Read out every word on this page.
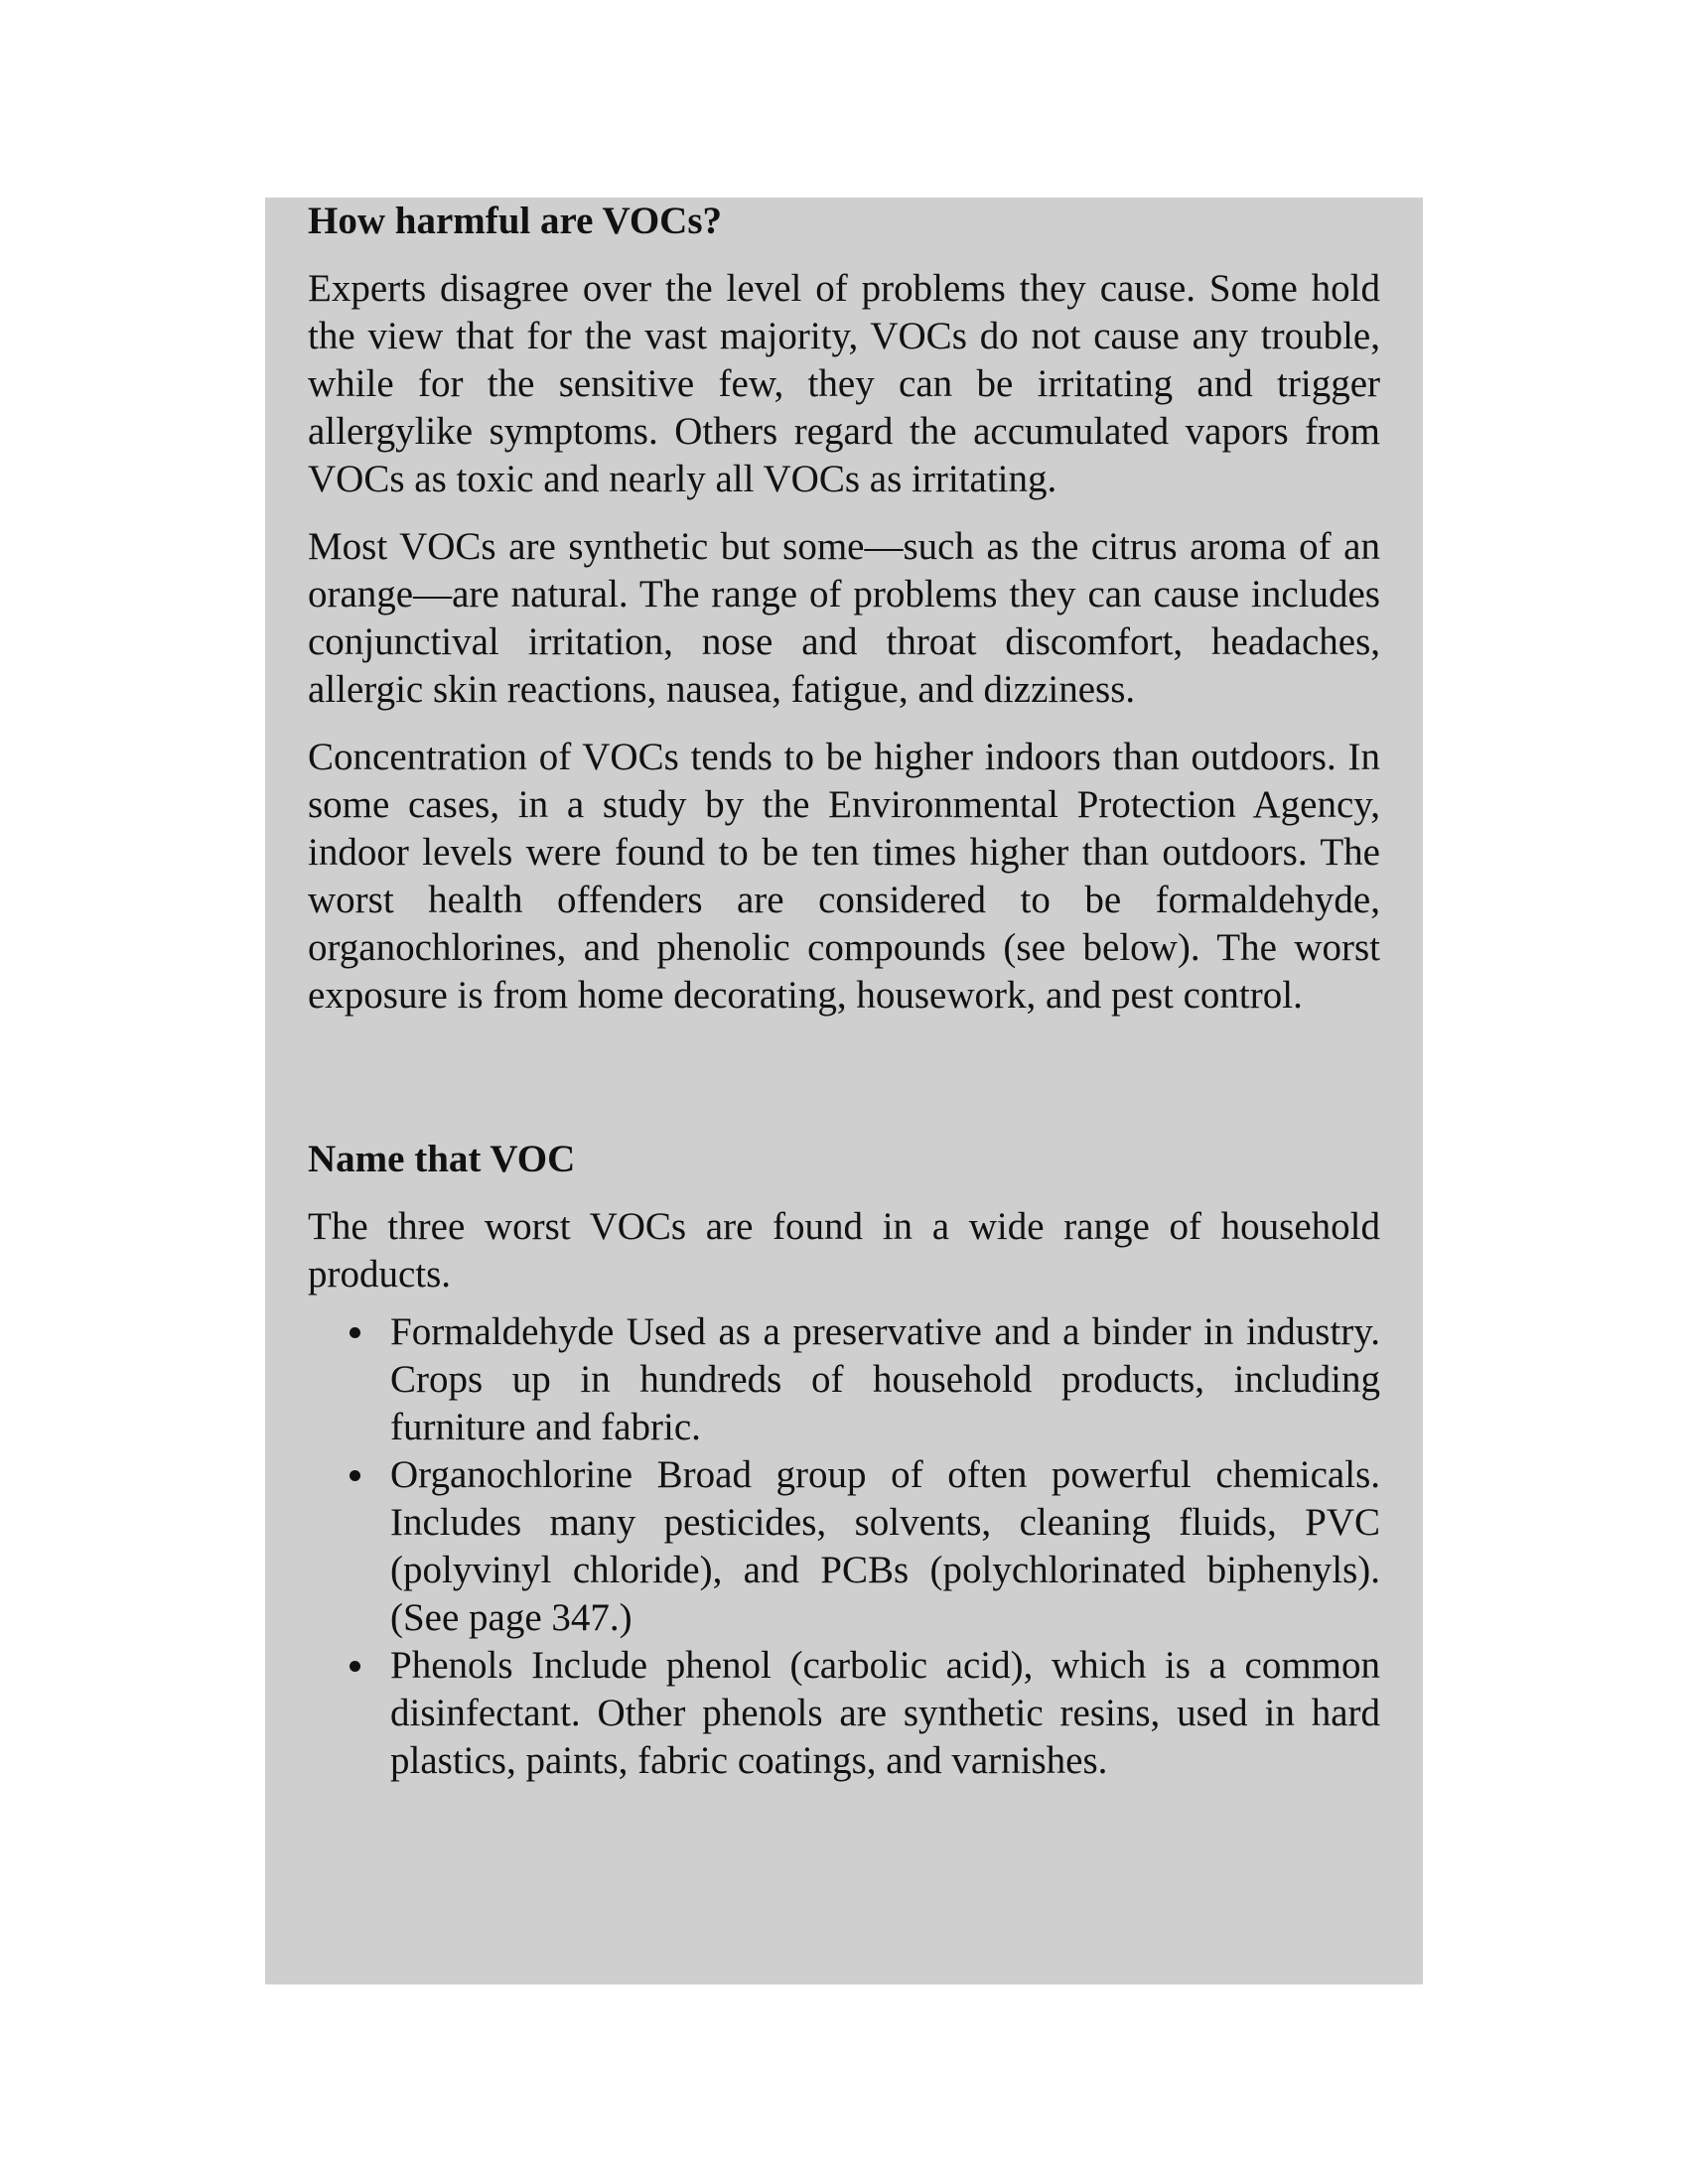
How harmful are VOCs?

Experts disagree over the level of problems they cause. Some hold the view that for the vast majority, VOCs do not cause any trouble, while for the sensitive few, they can be irritating and trigger allergylike symptoms. Others regard the accumulated vapors from VOCs as toxic and nearly all VOCs as irritating.

Most VOCs are synthetic but some—such as the citrus aroma of an orange—are natural. The range of problems they can cause includes conjunctival irritation, nose and throat discomfort, headaches, allergic skin reactions, nausea, fatigue, and dizziness.

Concentration of VOCs tends to be higher indoors than outdoors. In some cases, in a study by the Environmental Protection Agency, indoor levels were found to be ten times higher than outdoors. The worst health offenders are considered to be formaldehyde, organochlorines, and phenolic compounds (see below). The worst exposure is from home decorating, housework, and pest control.

Name that VOC

The three worst VOCs are found in a wide range of household products.

Formaldehyde Used as a preservative and a binder in industry. Crops up in hundreds of household products, including furniture and fabric.
Organochlorine Broad group of often powerful chemicals. Includes many pesticides, solvents, cleaning fluids, PVC (polyvinyl chloride), and PCBs (polychlorinated biphenyls). (See page 347.)
Phenols Include phenol (carbolic acid), which is a common disinfectant. Other phenols are synthetic resins, used in hard plastics, paints, fabric coatings, and varnishes.
